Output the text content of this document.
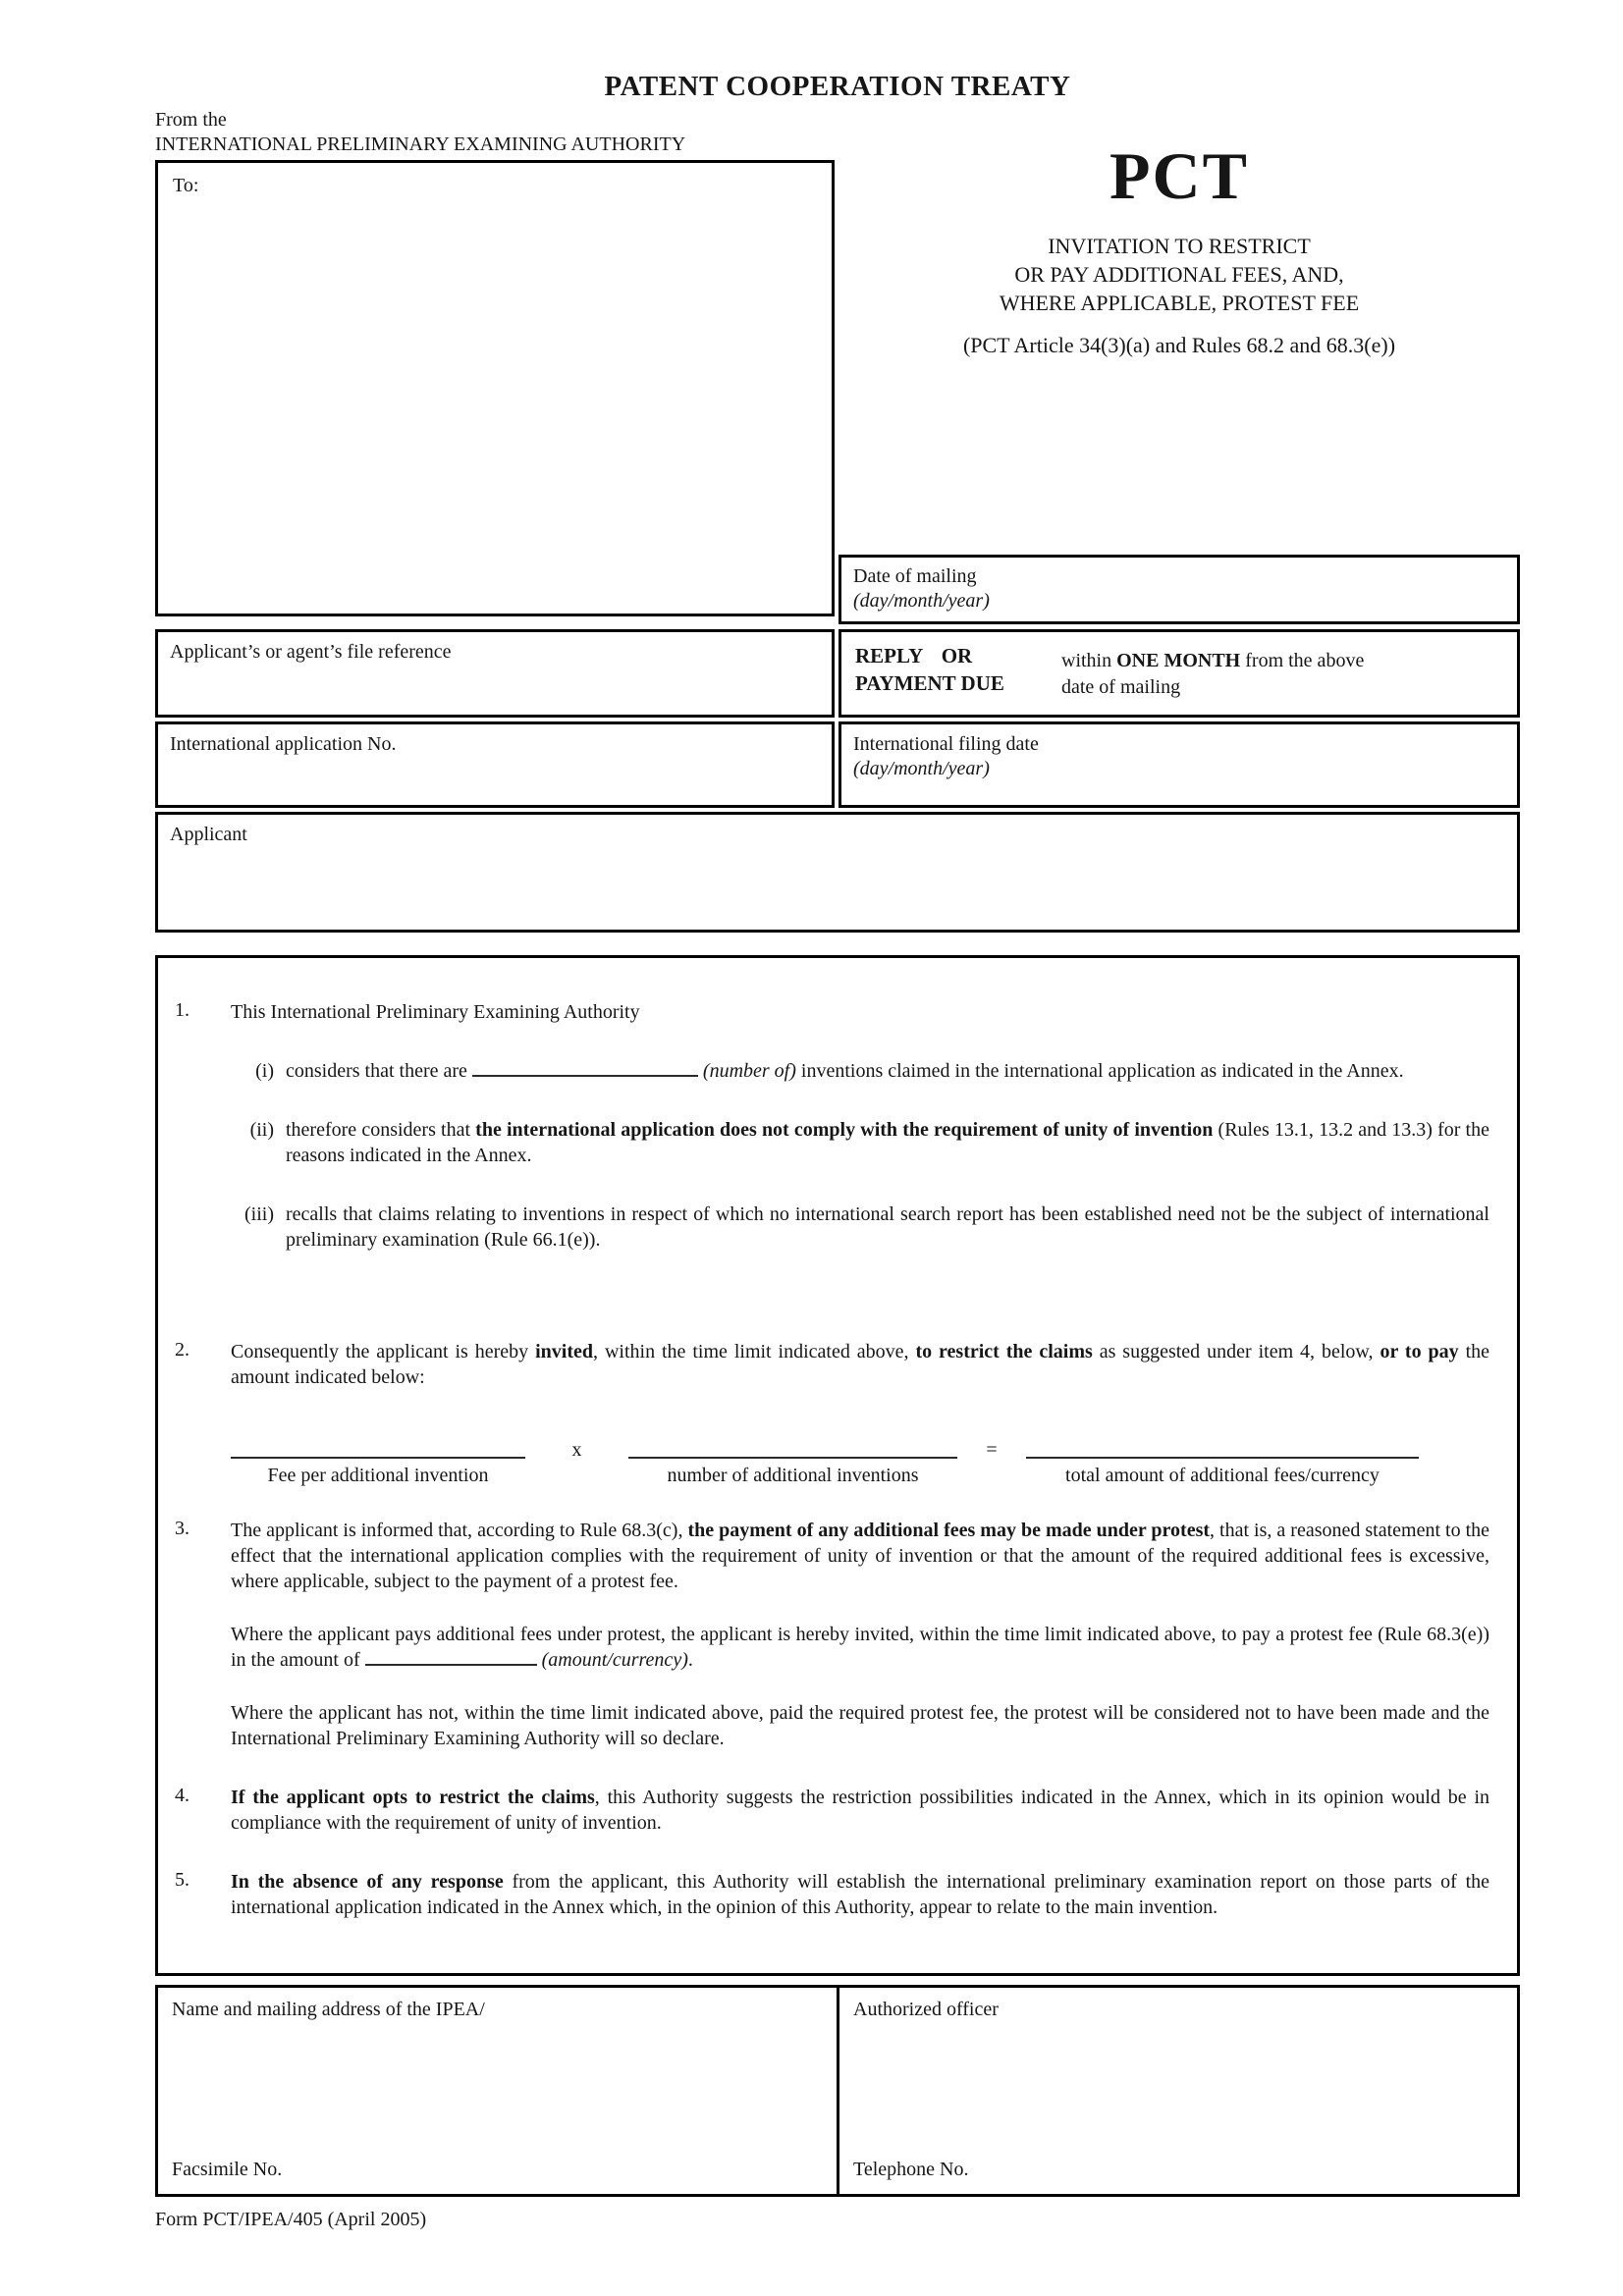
PATENT COOPERATION TREATY
From the
INTERNATIONAL PRELIMINARY EXAMINING AUTHORITY
To:	PCT
INVITATION TO RESTRICT
OR PAY ADDITIONAL FEES, AND,
WHERE APPLICABLE, PROTEST FEE
(PCT Article 34(3)(a) and Rules 68.2 and 68.3(e))
Date of mailing
(day/month/year)
Applicant’s or agent’s file reference	REPLY OR
PAYMENT DUE
within ONE MONTH from the above date of mailing
International application No.	International filing date
(day/month/year)
Applicant
1.	This International Preliminary Examining Authority
(i) considers that there are	(number of) inventions claimed in the international application as indicated in the Annex.
(ii) therefore considers that the international application does not comply with the requirement of unity of invention (Rules 13.1, 13.2 and 13.3) for the reasons indicated in the Annex.
(iii) recalls that claims relating to inventions in respect of which no international search report has been established need not be the subject of international preliminary examination (Rule 66.1(e)).
2.	Consequently the applicant is hereby invited, within the time limit indicated above, to restrict the claims as suggested under item 4, below, or to pay the amount indicated below:
Fee per additional invention
x
number of additional inventions
=
total amount of additional fees/currency
3.	The applicant is informed that, according to Rule 68.3(c), the payment of any additional fees may be made under protest, that is, a reasoned statement to the effect that the international application complies with the requirement of unity of invention or that the amount of the required additional fees is excessive, where applicable, subject to the payment of a protest fee.
Where the applicant pays additional fees under protest, the applicant is hereby invited, within the time limit indicated above, to pay a protest fee (Rule 68.3(e)) in the amount of	(amount/currency).
Where the applicant has not, within the time limit indicated above, paid the required protest fee, the protest will be considered not to have been made and the International Preliminary Examining Authority will so declare.
4.	If the applicant opts to restrict the claims, this Authority suggests the restriction possibilities indicated in the Annex, which in its opinion would be in compliance with the requirement of unity of invention.
5.	In the absence of any response from the applicant, this Authority will establish the international preliminary examination report on those parts of the international application indicated in the Annex which, in the opinion of this Authority, appear to relate to the main invention.
Name and mailing address of the IPEA/
Facsimile No.
Authorized officer
Telephone No.
Form PCT/IPEA/405 (April 2005)
